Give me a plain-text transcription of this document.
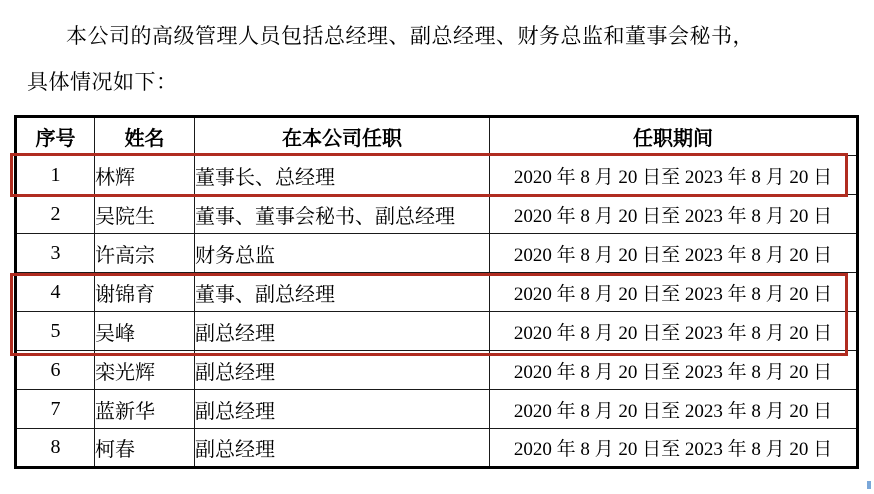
本公司的高级管理人员包括总经理、副总经理、财务总监和董事会秘书，
具体情况如下：
序号	姓名	在本公司任职	任职期间
1	林辉	董事长、总经理	2020 年 8 月 20 日至 2023 年 8 月 20 日
2	吴院生	董事、董事会秘书、副总经理	2020 年 8 月 20 日至 2023 年 8 月 20 日
3	许高宗	财务总监	2020 年 8 月 20 日至 2023 年 8 月 20 日
4	谢锦育	董事、副总经理	2020 年 8 月 20 日至 2023 年 8 月 20 日
5	吴峰	副总经理	2020 年 8 月 20 日至 2023 年 8 月 20 日
6	栾光辉	副总经理	2020 年 8 月 20 日至 2023 年 8 月 20 日
7	蓝新华	副总经理	2020 年 8 月 20 日至 2023 年 8 月 20 日
8	柯春	副总经理	2020 年 8 月 20 日至 2023 年 8 月 20 日
